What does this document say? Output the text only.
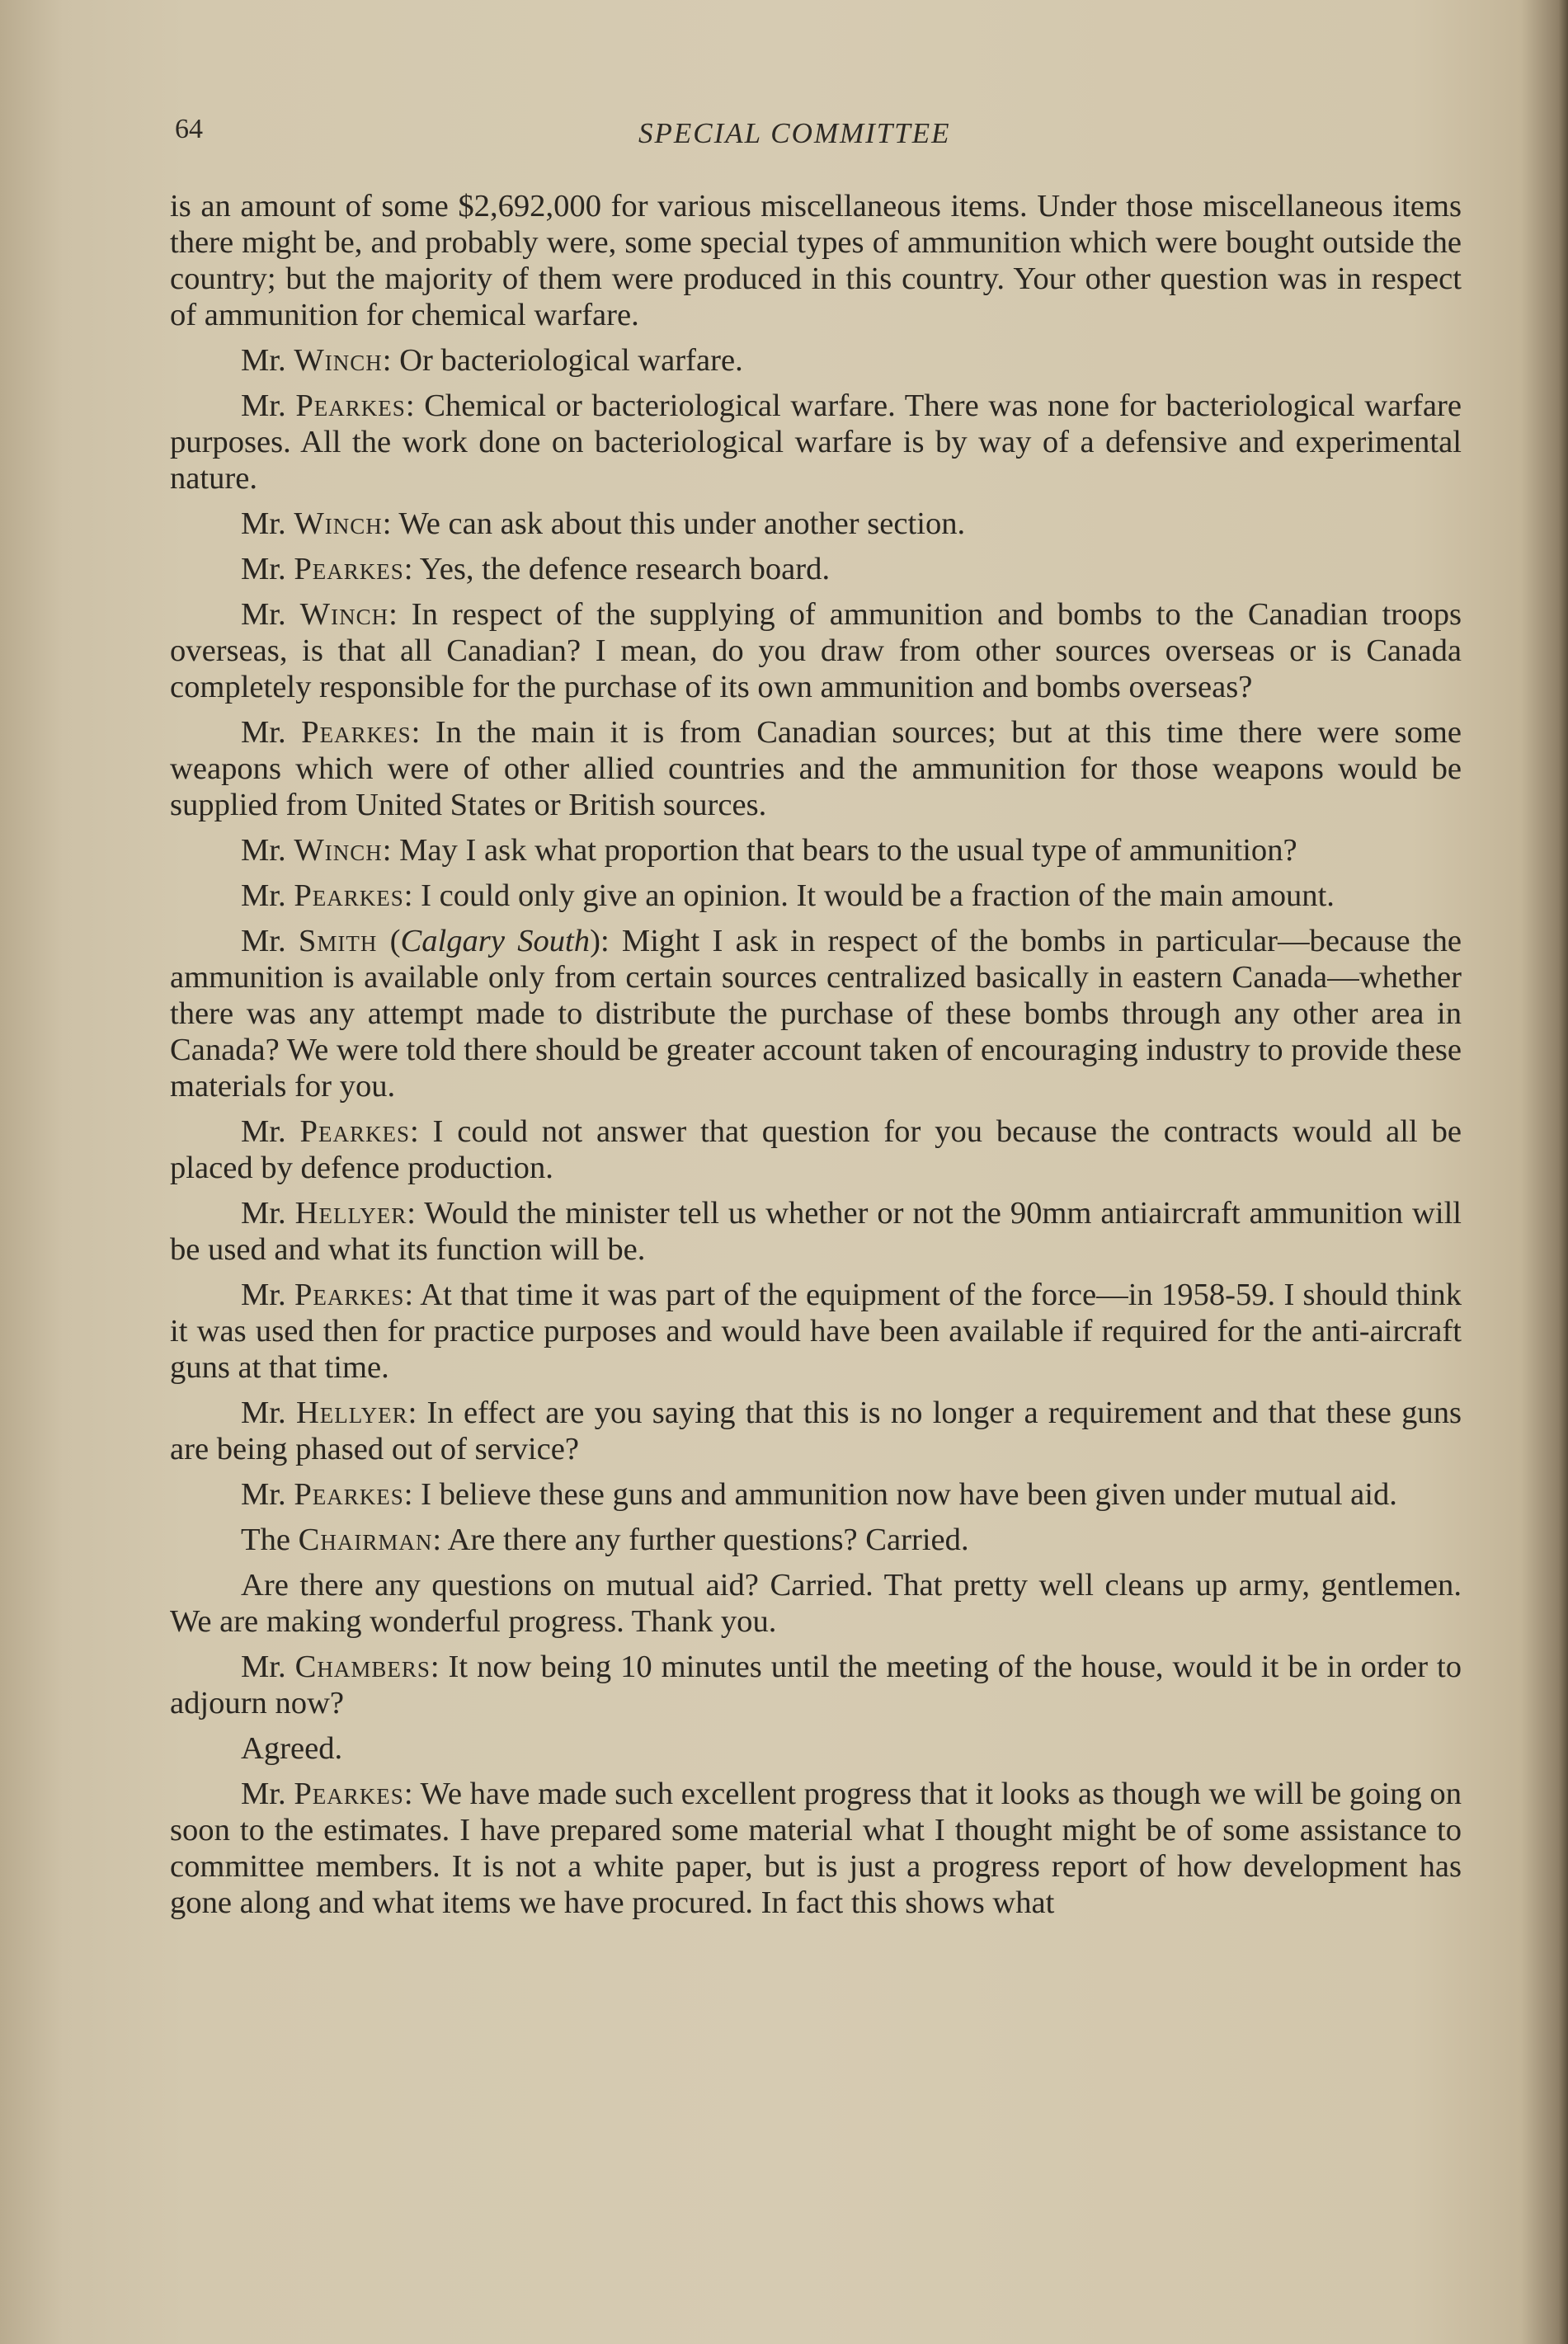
64	SPECIAL COMMITTEE

is an amount of some $2,692,000 for various miscellaneous items. Under those miscellaneous items there might be, and probably were, some special types of ammunition which were bought outside the country; but the majority of them were produced in this country. Your other question was in respect of ammunition for chemical warfare.

Mr. Winch: Or bacteriological warfare.

Mr. Pearkes: Chemical or bacteriological warfare. There was none for bacteriological warfare purposes. All the work done on bacteriological warfare is by way of a defensive and experimental nature.

Mr. Winch: We can ask about this under another section.

Mr. Pearkes: Yes, the defence research board.

Mr. Winch: In respect of the supplying of ammunition and bombs to the Canadian troops overseas, is that all Canadian? I mean, do you draw from other sources overseas or is Canada completely responsible for the purchase of its own ammunition and bombs overseas?

Mr. Pearkes: In the main it is from Canadian sources; but at this time there were some weapons which were of other allied countries and the ammunition for those weapons would be supplied from United States or British sources.

Mr. Winch: May I ask what proportion that bears to the usual type of ammunition?

Mr. Pearkes: I could only give an opinion. It would be a fraction of the main amount.

Mr. Smith (Calgary South): Might I ask in respect of the bombs in particular—because the ammunition is available only from certain sources centralized basically in eastern Canada—whether there was any attempt made to distribute the purchase of these bombs through any other area in Canada? We were told there should be greater account taken of encouraging industry to provide these materials for you.

Mr. Pearkes: I could not answer that question for you because the contracts would all be placed by defence production.

Mr. Hellyer: Would the minister tell us whether or not the 90mm antiaircraft ammunition will be used and what its function will be.

Mr. Pearkes: At that time it was part of the equipment of the force—in 1958-59. I should think it was used then for practice purposes and would have been available if required for the anti-aircraft guns at that time.

Mr. Hellyer: In effect are you saying that this is no longer a requirement and that these guns are being phased out of service?

Mr. Pearkes: I believe these guns and ammunition now have been given under mutual aid.

The Chairman: Are there any further questions? Carried.

Are there any questions on mutual aid? Carried. That pretty well cleans up army, gentlemen. We are making wonderful progress. Thank you.

Mr. Chambers: It now being 10 minutes until the meeting of the house, would it be in order to adjourn now?

Agreed.

Mr. Pearkes: We have made such excellent progress that it looks as though we will be going on soon to the estimates. I have prepared some material what I thought might be of some assistance to committee members. It is not a white paper, but is just a progress report of how development has gone along and what items we have procured. In fact this shows what
